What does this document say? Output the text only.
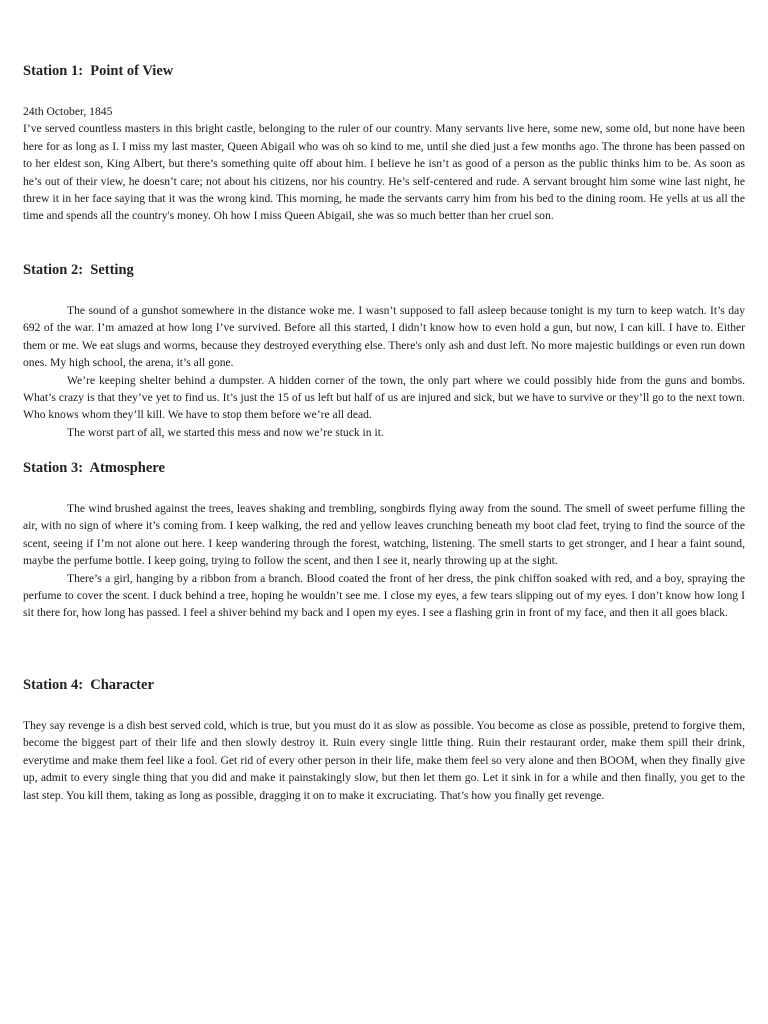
Station 1:  Point of View

24th October, 1845

I’ve served countless masters in this bright castle, belonging to the ruler of our country. Many servants live here, some new, some old, but none have been here for as long as I. I miss my last master, Queen Abigail who was oh so kind to me, until she died just a few months ago. The throne has been passed on to her eldest son, King Albert, but there’s something quite off about him. I believe he isn’t as good of a person as the public thinks him to be. As soon as he’s out of their view, he doesn’t care; not about his citizens, nor his country. He’s self-centered and rude. A servant brought him some wine last night, he threw it in her face saying that it was the wrong kind. This morning, he made the servants carry him from his bed to the dining room. He yells at us all the time and spends all the country's money. Oh how I miss Queen Abigail, she was so much better than her cruel son.

Station 2:  Setting

The sound of a gunshot somewhere in the distance woke me. I wasn’t supposed to fall asleep because tonight is my turn to keep watch. It’s day 692 of the war. I’m amazed at how long I’ve survived. Before all this started, I didn’t know how to even hold a gun, but now, I can kill. I have to. Either them or me. We eat slugs and worms, because they destroyed everything else. There's only ash and dust left. No more majestic buildings or even run down ones. My high school, the arena, it’s all gone.

We’re keeping shelter behind a dumpster. A hidden corner of the town, the only part where we could possibly hide from the guns and bombs. What’s crazy is that they’ve yet to find us. It’s just the 15 of us left but half of us are injured and sick, but we have to survive or they’ll go to the next town. Who knows whom they’ll kill. We have to stop them before we’re all dead.

The worst part of all, we started this mess and now we’re stuck in it.

Station 3:  Atmosphere

The wind brushed against the trees, leaves shaking and trembling, songbirds flying away from the sound. The smell of sweet perfume filling the air, with no sign of where it’s coming from. I keep walking, the red and yellow leaves crunching beneath my boot clad feet, trying to find the source of the scent, seeing if I’m not alone out here. I keep wandering through the forest, watching, listening. The smell starts to get stronger, and I hear a faint sound, maybe the perfume bottle. I keep going, trying to follow the scent, and then I see it, nearly throwing up at the sight.

There’s a girl, hanging by a ribbon from a branch. Blood coated the front of her dress, the pink chiffon soaked with red, and a boy, spraying the perfume to cover the scent. I duck behind a tree, hoping he wouldn’t see me. I close my eyes, a few tears slipping out of my eyes. I don’t know how long I sit there for, how long has passed. I feel a shiver behind my back and I open my eyes. I see a flashing grin in front of my face, and then it all goes black.

Station 4:  Character

They say revenge is a dish best served cold, which is true, but you must do it as slow as possible. You become as close as possible, pretend to forgive them, become the biggest part of their life and then slowly destroy it. Ruin every single little thing. Ruin their restaurant order, make them spill their drink, everytime and make them feel like a fool. Get rid of every other person in their life, make them feel so very alone and then BOOM, when they finally give up, admit to every single thing that you did and make it painstakingly slow, but then let them go. Let it sink in for a while and then finally, you get to the last step. You kill them, taking as long as possible, dragging it on to make it excruciating. That’s how you finally get revenge.
